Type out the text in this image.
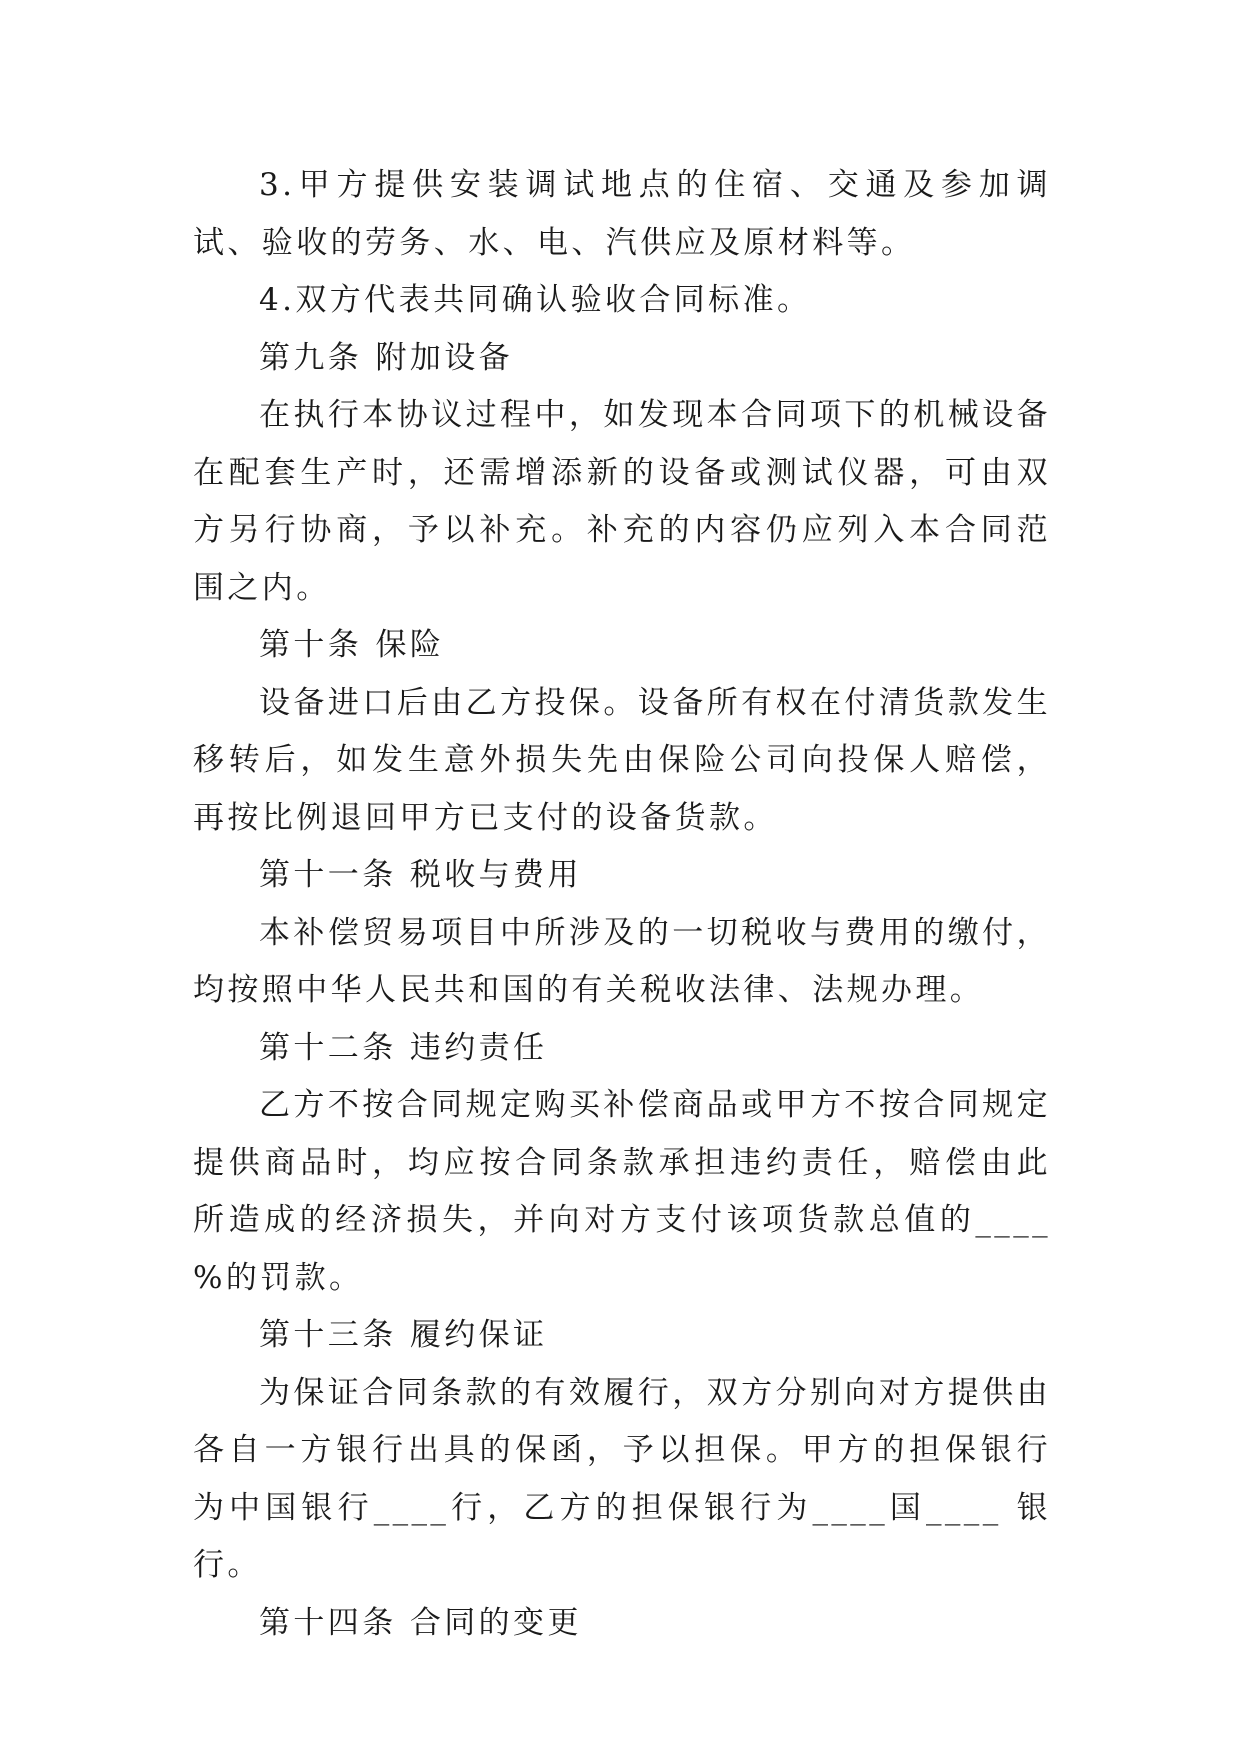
3.甲方提供安装调试地点的住宿、交通及参加调试、验收的劳务、水、电、汽供应及原材料等。

4.双方代表共同确认验收合同标准。

第九条 附加设备

在执行本协议过程中，如发现本合同项下的机械设备在配套生产时，还需增添新的设备或测试仪器，可由双方另行协商，予以补充。补充的内容仍应列入本合同范围之内。

第十条 保险

设备进口后由乙方投保。设备所有权在付清货款发生移转后，如发生意外损失先由保险公司向投保人赔偿，再按比例退回甲方已支付的设备货款。

第十一条 税收与费用

本补偿贸易项目中所涉及的一切税收与费用的缴付，均按照中华人民共和国的有关税收法律、法规办理。

第十二条 违约责任

乙方不按合同规定购买补偿商品或甲方不按合同规定提供商品时，均应按合同条款承担违约责任，赔偿由此所造成的经济损失，并向对方支付该项货款总值的____ %的罚款。

第十三条 履约保证

为保证合同条款的有效履行，双方分别向对方提供由各自一方银行出具的保函，予以担保。甲方的担保银行为中国银行____行，乙方的担保银行为____国____ 银行。

第十四条 合同的变更
